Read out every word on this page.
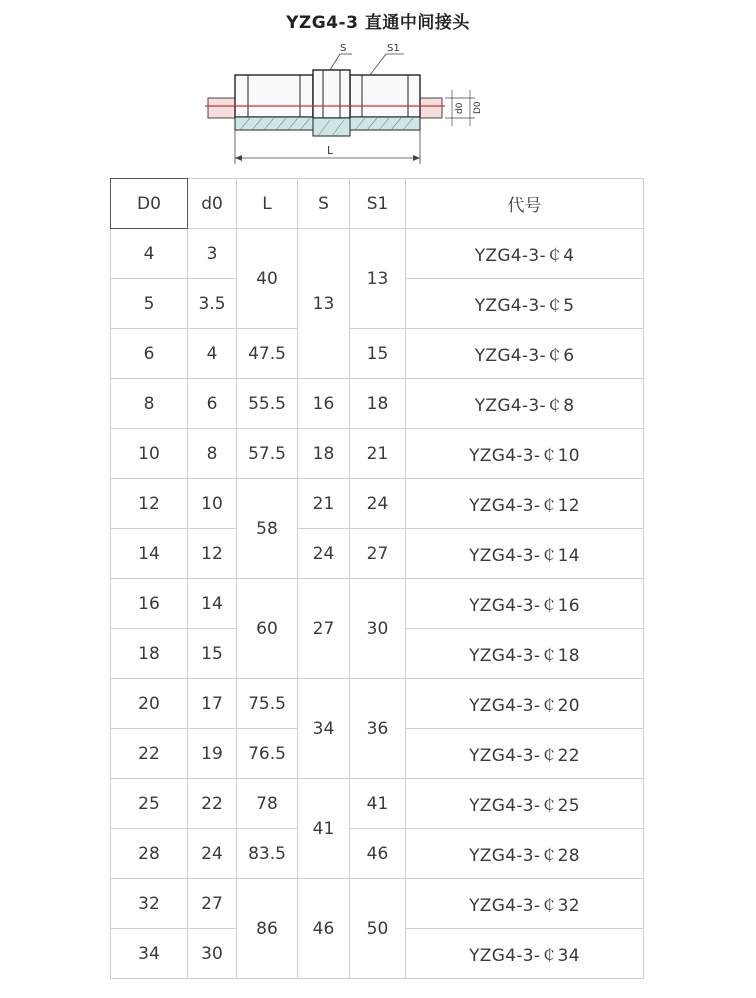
YZG4-3 直通中间接头
L
S	S1
d0 D0
D0	d0	L	S	S1	代号
4	3	40	13	13	YZG4-3-￠4
5	3.5				YZG4-3-￠5
6	4	47.5		15	YZG4-3-￠6
8	6	55.5	16	18	YZG4-3-￠8
10	8	57.5	18	21	YZG4-3-￠10
12	10	58	21	24	YZG4-3-￠12
14	12		24	27	YZG4-3-￠14
16	14	60	27	30	YZG4-3-￠16
18	15				YZG4-3-￠18
20	17	75.5	34	36	YZG4-3-￠20
22	19	76.5			YZG4-3-￠22
25	22	78	41	41	YZG4-3-￠25
28	24	83.5		46	YZG4-3-￠28
32	27	86	46	50	YZG4-3-￠32
34	30				YZG4-3-￠34
